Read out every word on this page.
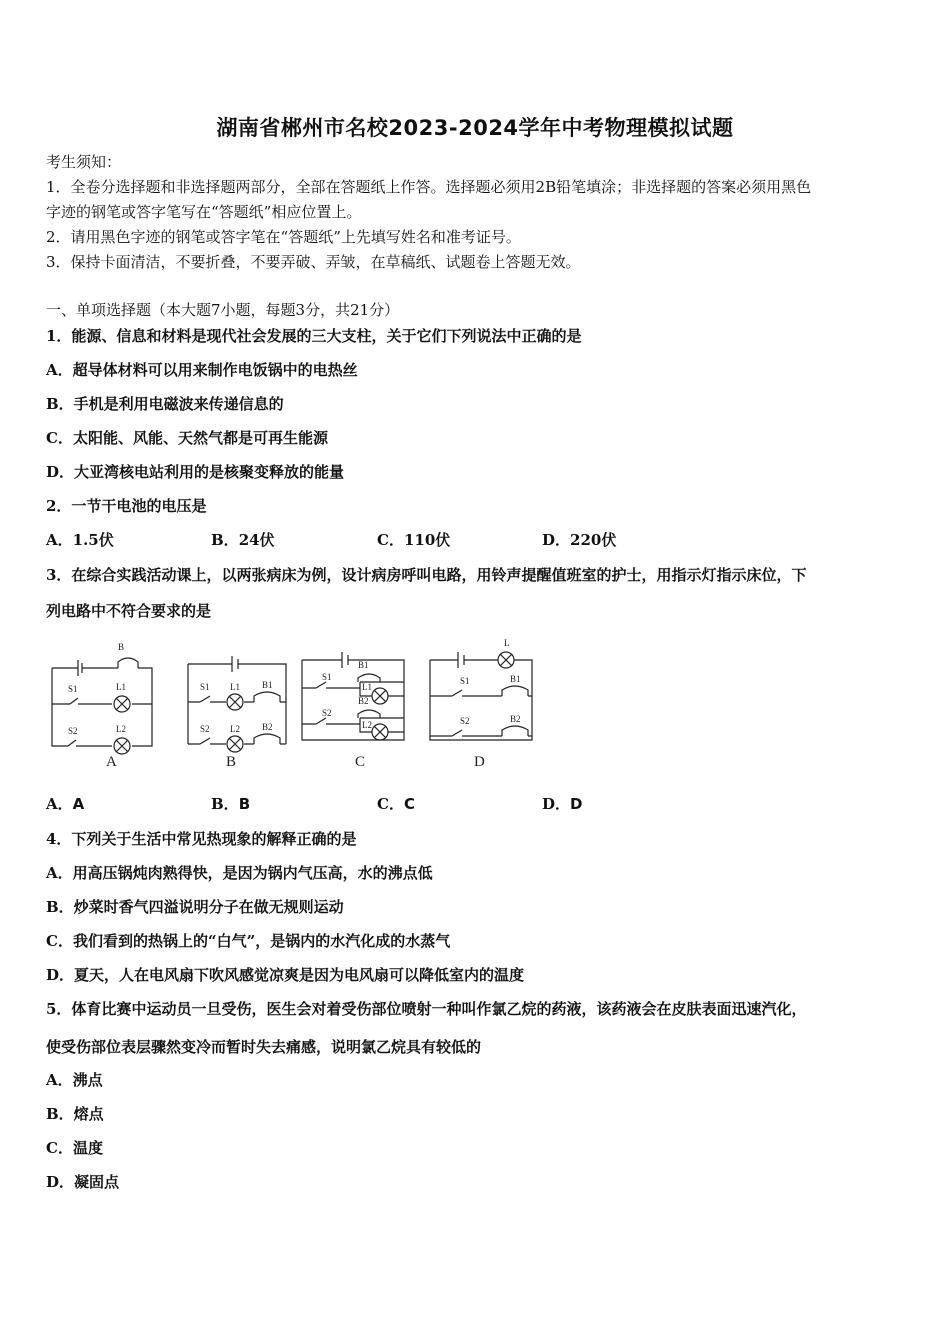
湖南省郴州市名校2023-2024学年中考物理模拟试题
考生须知：
1．全卷分选择题和非选择题两部分，全部在答题纸上作答。选择题必须用2B铅笔填涂；非选择题的答案必须用黑色
字迹的钢笔或答字笔写在“答题纸”相应位置上。
2．请用黑色字迹的钢笔或答字笔在“答题纸”上先填写姓名和准考证号。
3．保持卡面清洁，不要折叠，不要弄破、弄皱，在草稿纸、试题卷上答题无效。
一、单项选择题（本大题7小题，每题3分，共21分）
1．能源、信息和材料是现代社会发展的三大支柱，关于它们下列说法中正确的是
A．超导体材料可以用来制作电饭锅中的电热丝
B．手机是利用电磁波来传递信息的
C．太阳能、风能、天然气都是可再生能源
D．大亚湾核电站利用的是核聚变释放的能量
2．一节干电池的电压是
A．1.5伏	B．24伏	C．110伏	D．220伏
3．在综合实践活动课上，以两张病床为例，设计病房呼叫电路，用铃声提醒值班室的护士，用指示灯指示床位，下
列电路中不符合要求的是
B
S1	L1
S2	L2
S1 L1 B1
S2 L2 B2
S1
B1
L1
S2
B2
L2
L
S1	B1
S2	B2
A	B	C	D
A．A	B．B	C．C	D．D
4．下列关于生活中常见热现象的解释正确的是
A．用高压锅炖肉熟得快，是因为锅内气压高，水的沸点低
B．炒菜时香气四溢说明分子在做无规则运动
C．我们看到的热锅上的“白气”，是锅内的水汽化成的水蒸气
D．夏天，人在电风扇下吹风感觉凉爽是因为电风扇可以降低室内的温度
5．体育比赛中运动员一旦受伤，医生会对着受伤部位喷射一种叫作氯乙烷的药液，该药液会在皮肤表面迅速汽化，
使受伤部位表层骤然变冷而暂时失去痛感，说明氯乙烷具有较低的
A．沸点
B．熔点
C．温度
D．凝固点
